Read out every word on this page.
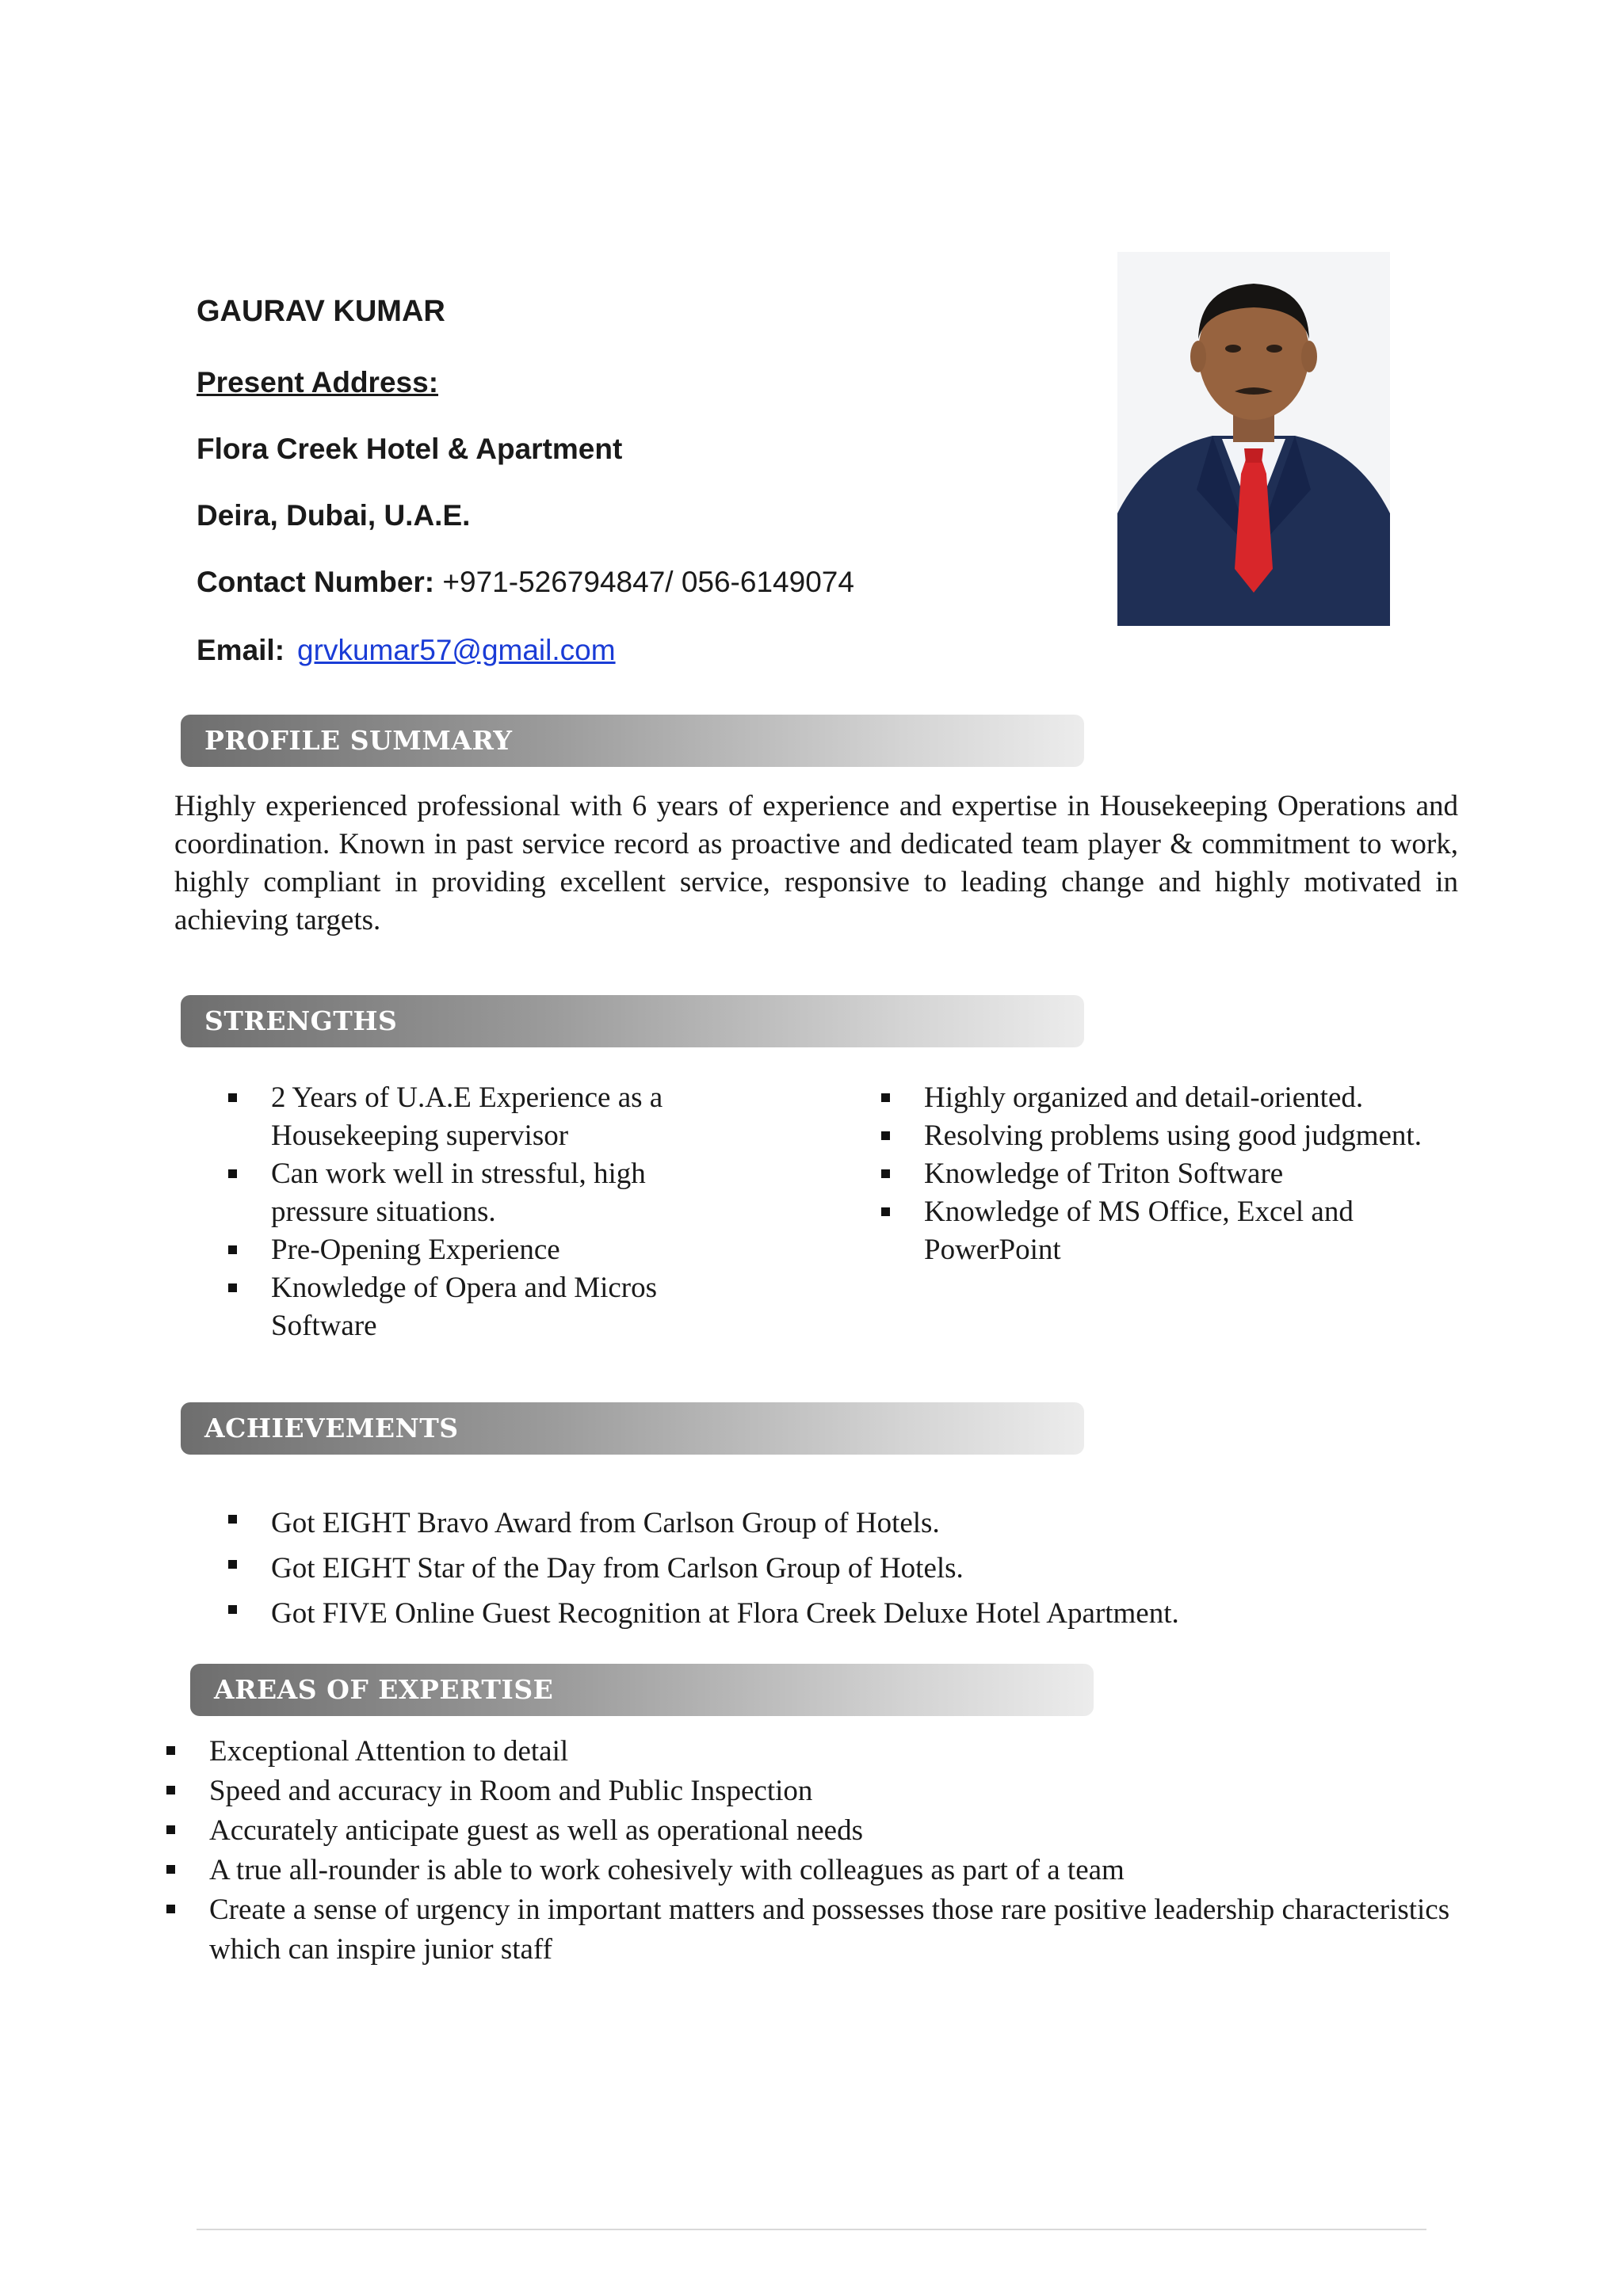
GAURAV KUMAR
Present Address:
Flora Creek Hotel & Apartment
Deira, Dubai, U.A.E.
Contact Number: +971-526794847/ 056-6149074
Email: grvkumar57@gmail.com
PROFILE SUMMARY
Highly experienced professional with 6 years of experience and expertise in Housekeeping Operations and coordination. Known in past service record as proactive and dedicated team player & commitment to work, highly compliant in providing excellent service, responsive to leading change and highly motivated in achieving targets.
STRENGTHS
2 Years of U.A.E Experience as a Housekeeping supervisor
Can work well in stressful, high pressure situations.
Pre-Opening Experience
Knowledge of Opera and Micros Software
Highly organized and detail-oriented.
Resolving problems using good judgment.
Knowledge of Triton Software
Knowledge of MS Office, Excel and PowerPoint
ACHIEVEMENTS
Got EIGHT Bravo Award from Carlson Group of Hotels.
Got EIGHT Star of the Day from Carlson Group of Hotels.
Got FIVE Online Guest Recognition at Flora Creek Deluxe Hotel Apartment.
AREAS OF EXPERTISE
Exceptional Attention to detail
Speed and accuracy in Room and Public Inspection
Accurately anticipate guest as well as operational needs
A true all-rounder is able to work cohesively with colleagues as part of a team
Create a sense of urgency in important matters and possesses those rare positive leadership characteristics which can inspire junior staff
